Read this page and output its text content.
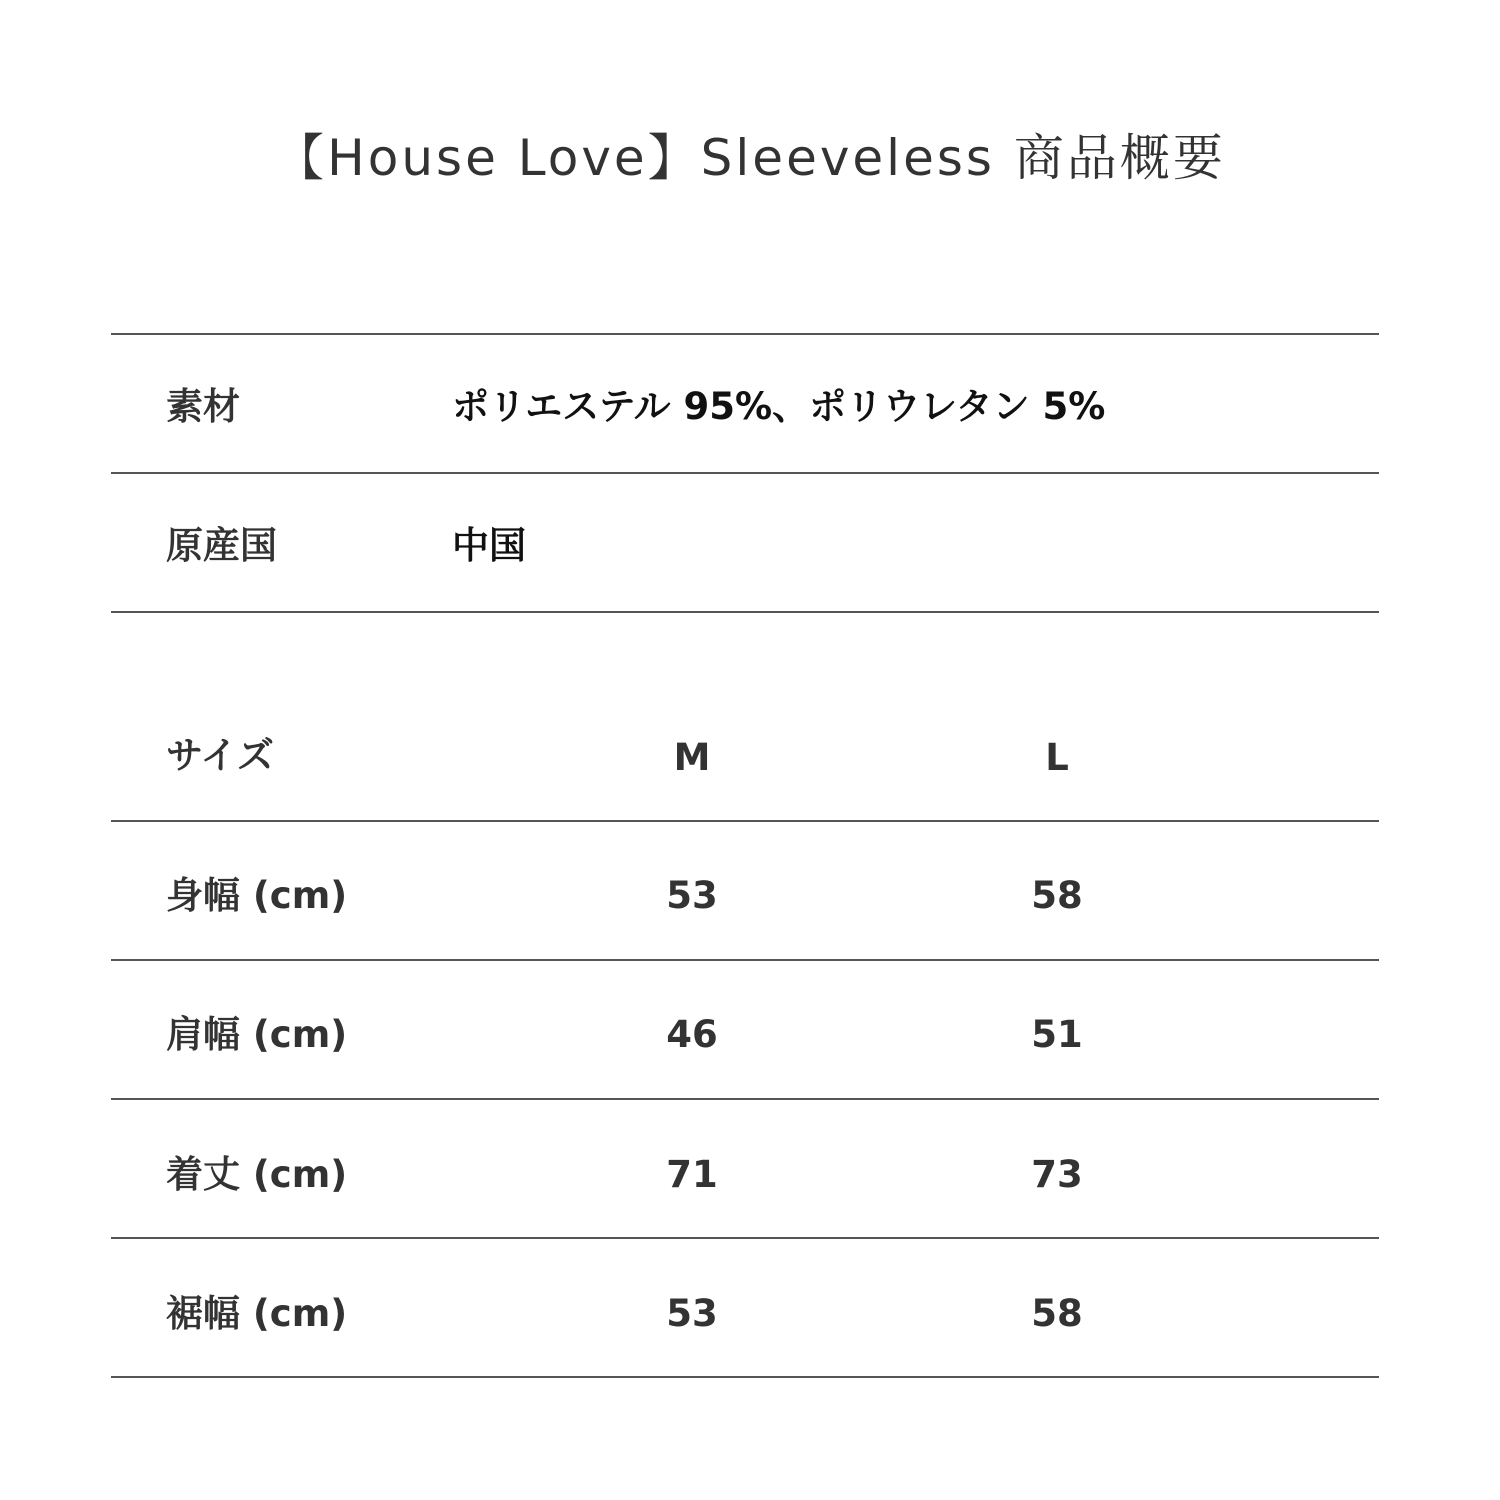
【House Love】Sleeveless 商品概要
素材	ポリエステル 95%、ポリウレタン 5%
原産国	中国
サイズ	M	L
身幅 (cm)	53	58
肩幅 (cm)	46	51
着丈 (cm)	71	73
裾幅 (cm)	53	58
